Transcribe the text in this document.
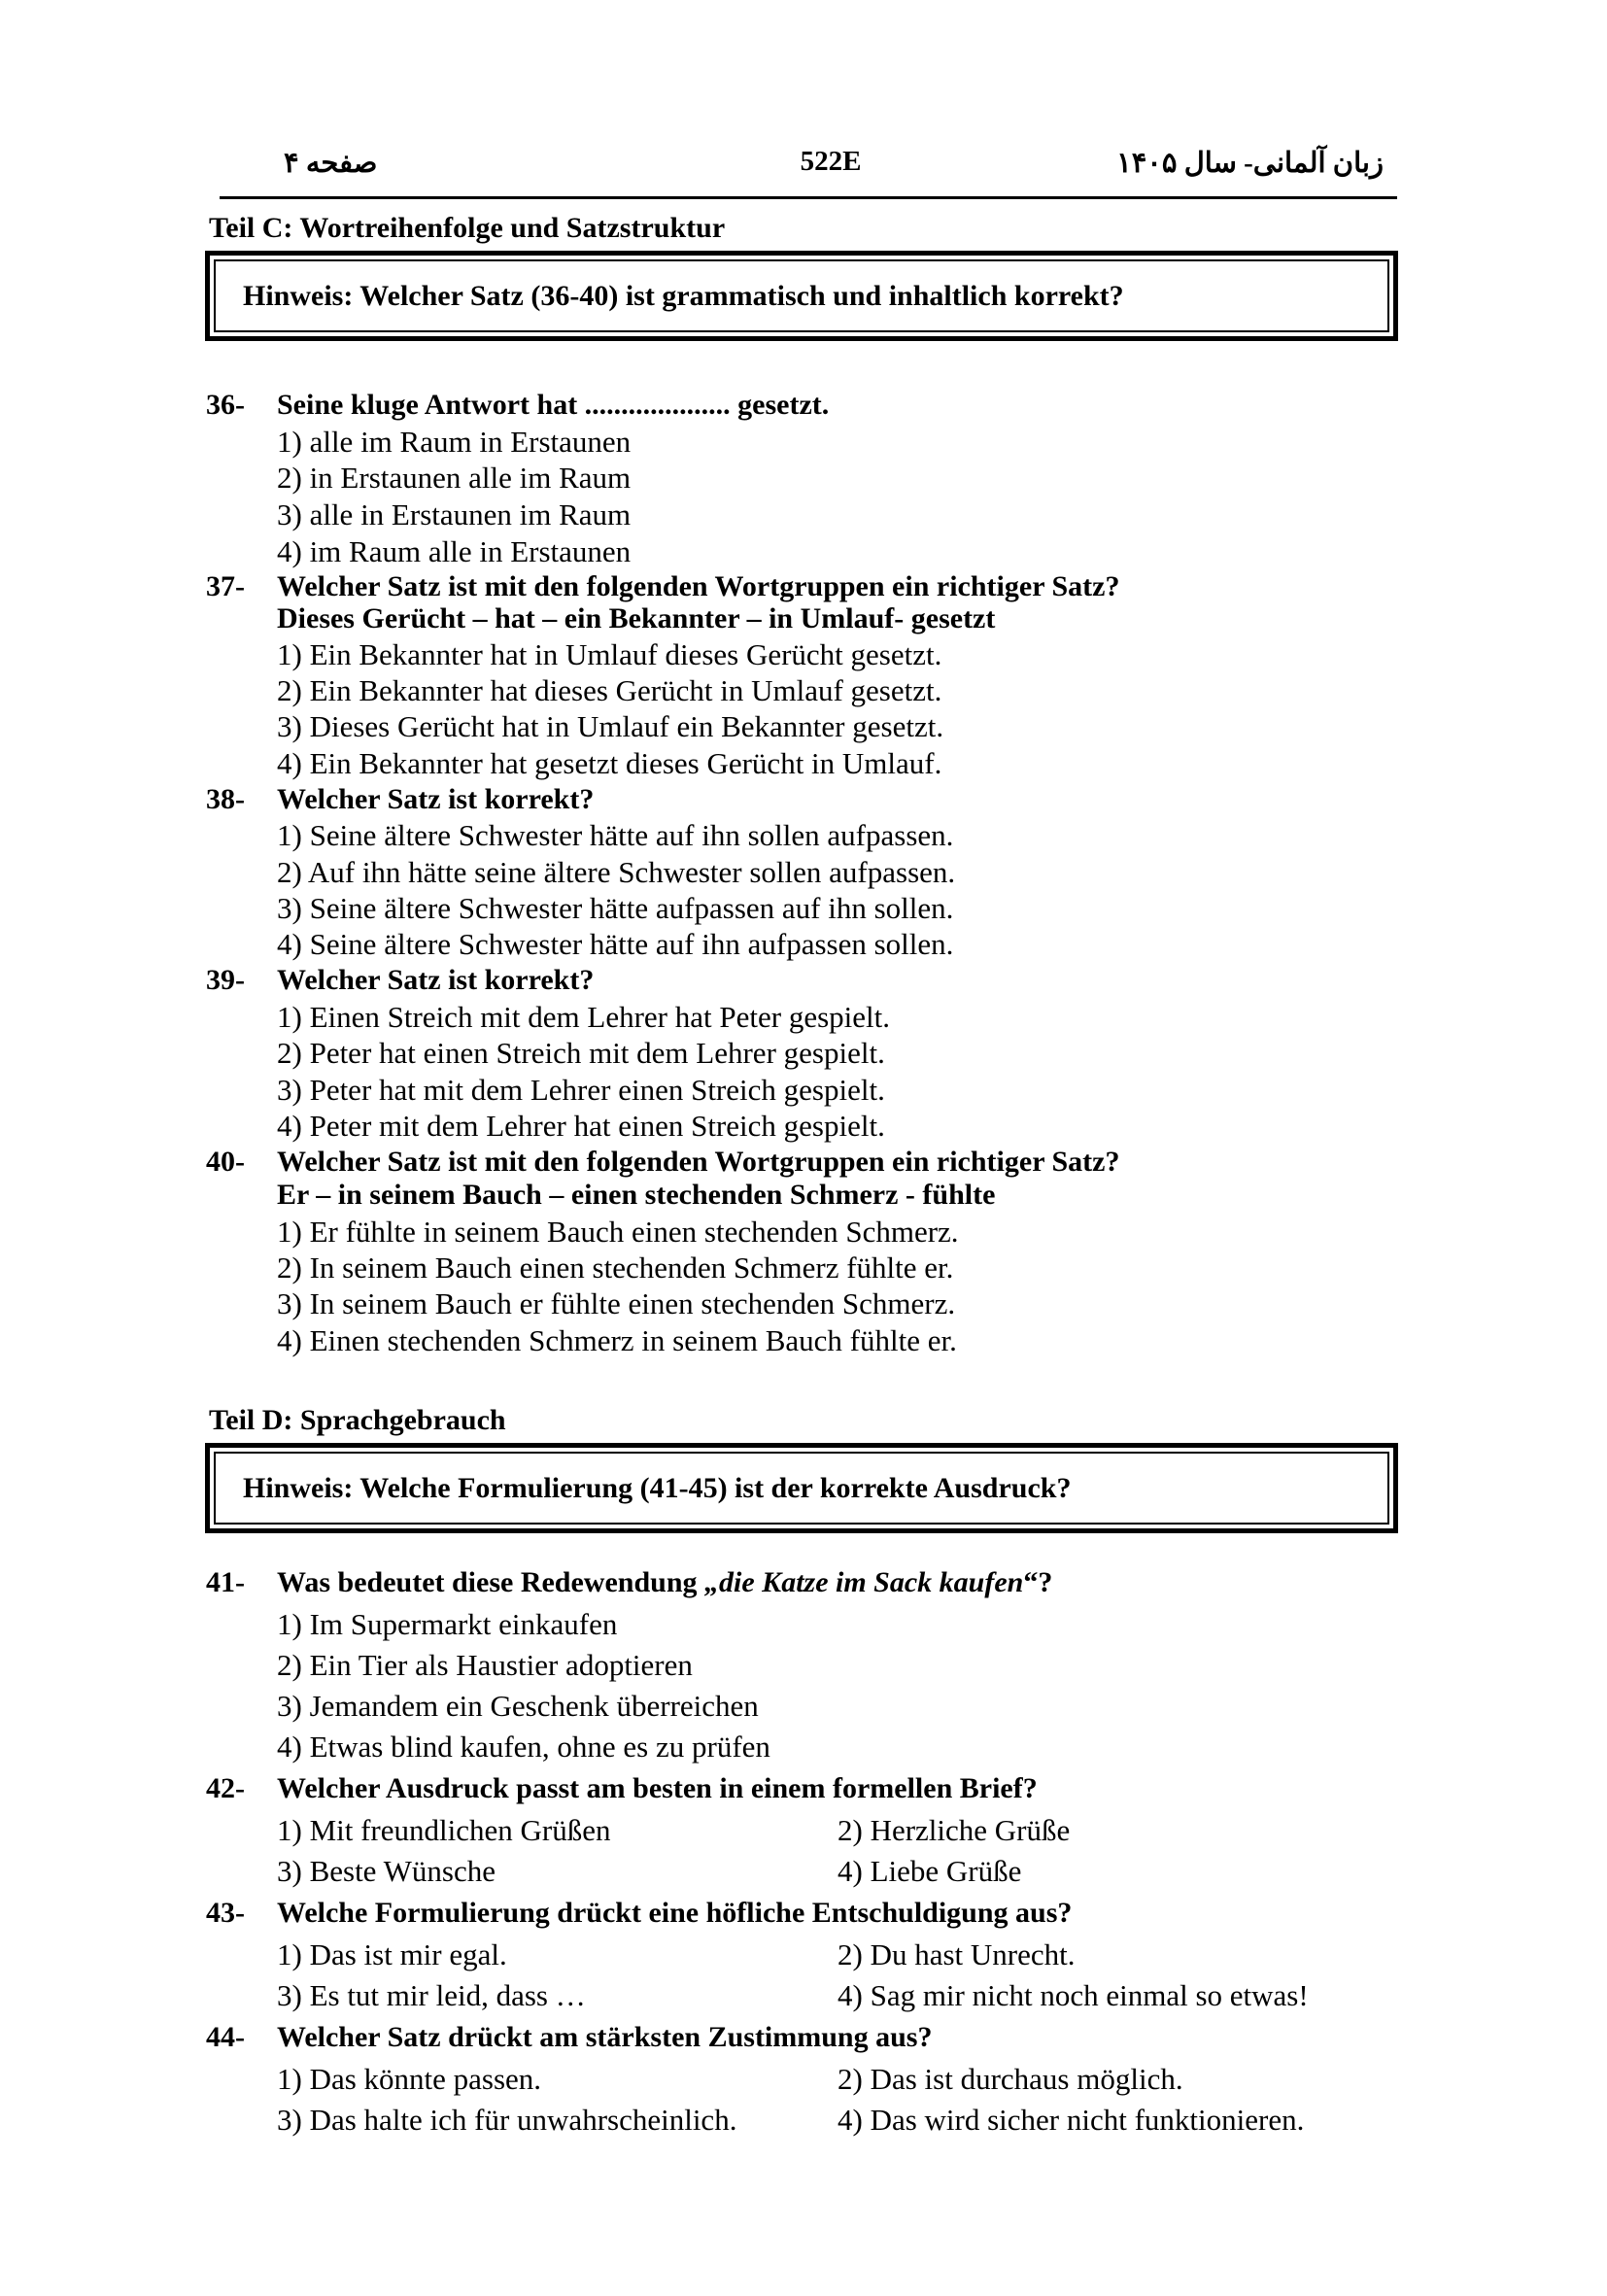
صفحه ۴	522E	زبان آلمانی- سال ۱۴۰۵
Teil C: Wortreihenfolge und Satzstruktur
Hinweis: Welcher Satz (36-40) ist grammatisch und inhaltlich korrekt?
36- Seine kluge Antwort hat .................... gesetzt.
1) alle im Raum in Erstaunen
2) in Erstaunen alle im Raum
3) alle in Erstaunen im Raum
4) im Raum alle in Erstaunen
37- Welcher Satz ist mit den folgenden Wortgruppen ein richtiger Satz?
Dieses Gerücht – hat – ein Bekannter – in Umlauf- gesetzt
1) Ein Bekannter hat in Umlauf dieses Gerücht gesetzt.
2) Ein Bekannter hat dieses Gerücht in Umlauf gesetzt.
3) Dieses Gerücht hat in Umlauf ein Bekannter gesetzt.
4) Ein Bekannter hat gesetzt dieses Gerücht in Umlauf.
38- Welcher Satz ist korrekt?
1) Seine ältere Schwester hätte auf ihn sollen aufpassen.
2) Auf ihn hätte seine ältere Schwester sollen aufpassen.
3) Seine ältere Schwester hätte aufpassen auf ihn sollen.
4) Seine ältere Schwester hätte auf ihn aufpassen sollen.
39- Welcher Satz ist korrekt?
1) Einen Streich mit dem Lehrer hat Peter gespielt.
2) Peter hat einen Streich mit dem Lehrer gespielt.
3) Peter hat mit dem Lehrer einen Streich gespielt.
4) Peter mit dem Lehrer hat einen Streich gespielt.
40- Welcher Satz ist mit den folgenden Wortgruppen ein richtiger Satz?
Er – in seinem Bauch – einen stechenden Schmerz - fühlte
1) Er fühlte in seinem Bauch einen stechenden Schmerz.
2) In seinem Bauch einen stechenden Schmerz fühlte er.
3) In seinem Bauch er fühlte einen stechenden Schmerz.
4) Einen stechenden Schmerz in seinem Bauch fühlte er.
Teil D: Sprachgebrauch
Hinweis: Welche Formulierung (41-45) ist der korrekte Ausdruck?
41- Was bedeutet diese Redewendung „die Katze im Sack kaufen“?
1) Im Supermarkt einkaufen
2) Ein Tier als Haustier adoptieren
3) Jemandem ein Geschenk überreichen
4) Etwas blind kaufen, ohne es zu prüfen
42- Welcher Ausdruck passt am besten in einem formellen Brief?
1) Mit freundlichen Grüßen	2) Herzliche Grüße
3) Beste Wünsche	4) Liebe Grüße
43- Welche Formulierung drückt eine höfliche Entschuldigung aus?
1) Das ist mir egal.	2) Du hast Unrecht.
3) Es tut mir leid, dass …	4) Sag mir nicht noch einmal so etwas!
44- Welcher Satz drückt am stärksten Zustimmung aus?
1) Das könnte passen.	2) Das ist durchaus möglich.
3) Das halte ich für unwahrscheinlich.	4) Das wird sicher nicht funktionieren.
